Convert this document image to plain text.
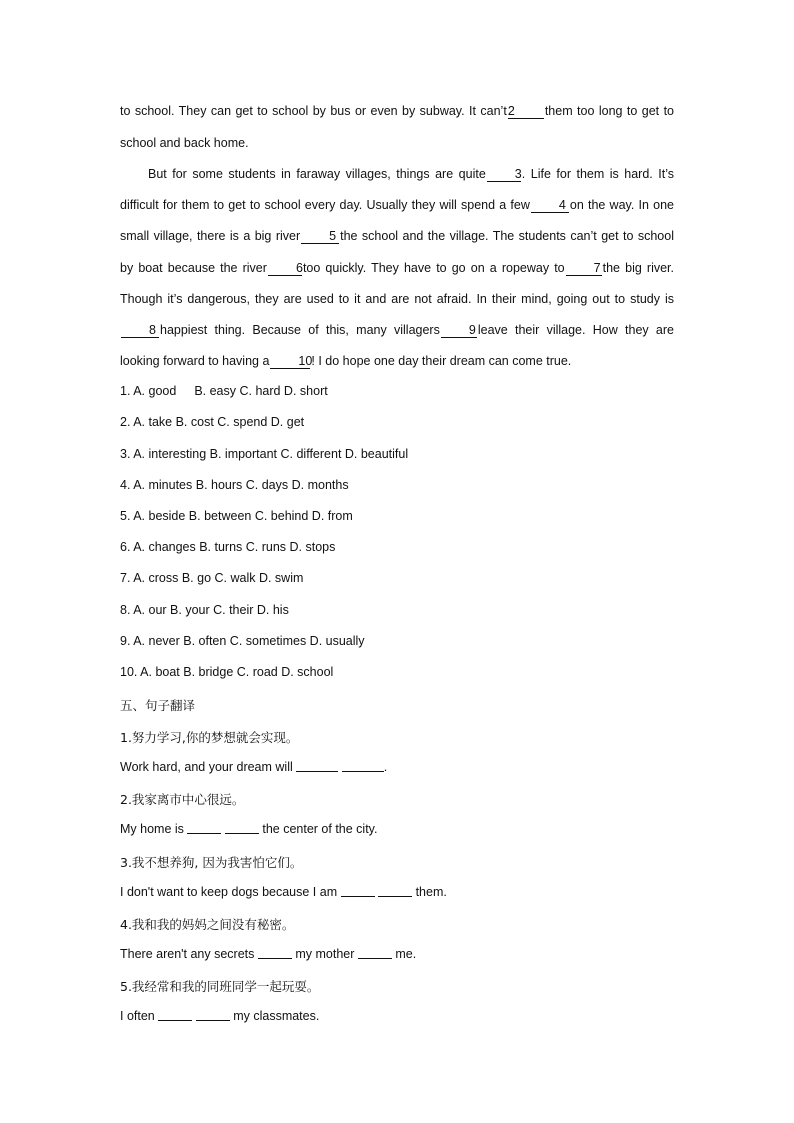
to school. They can get to school by bus or even by subway. It can’t2 them too long to get to

school and back home.

But for some students in faraway villages, things are quite 3. Life for them is hard. It’s difficult for them to get to school every day. Usually they will spend a few 4 on the way. In one small village, there is a big river 5 the school and the village. The students can’t get to school by boat because the river 6too quickly. They have to go on a ropeway to 7 the big river. Though it’s dangerous, they are used to it and are not afraid. In their mind, going out to study is8 happiest thing. Because of this, many villagers 9 leave their village. How they are looking forward to having a 10! I do hope one day their dream can come true.

1. A. good B. easy C. hard D. short

2. A. take B. cost C. spend D. get

3. A. interesting B. important C. different D. beautiful

4. A. minutes B. hours C. days D. months

5. A. beside B. between C. behind D. from

6. A. changes B. turns C. runs D. stops

7. A. cross B. go C. walk D. swim

8. A. our B. your C. their D. his

9. A. never B. often C. sometimes D. usually

10. A. boat B. bridge C. road D. school

五、句子翻译

1.努力学习,你的梦想就会实现。

Work hard, and your dream will	.

2.我家离市中心很远。

My home is	the center of the city.

3.我不想养狗, 因为我害怕它们。

I don't want to keep dogs because I am	them.

4.我和我的妈妈之间没有秘密。

There aren't any secrets	my mother	me.

5.我经常和我的同班同学一起玩耍。

I often	my classmates.
